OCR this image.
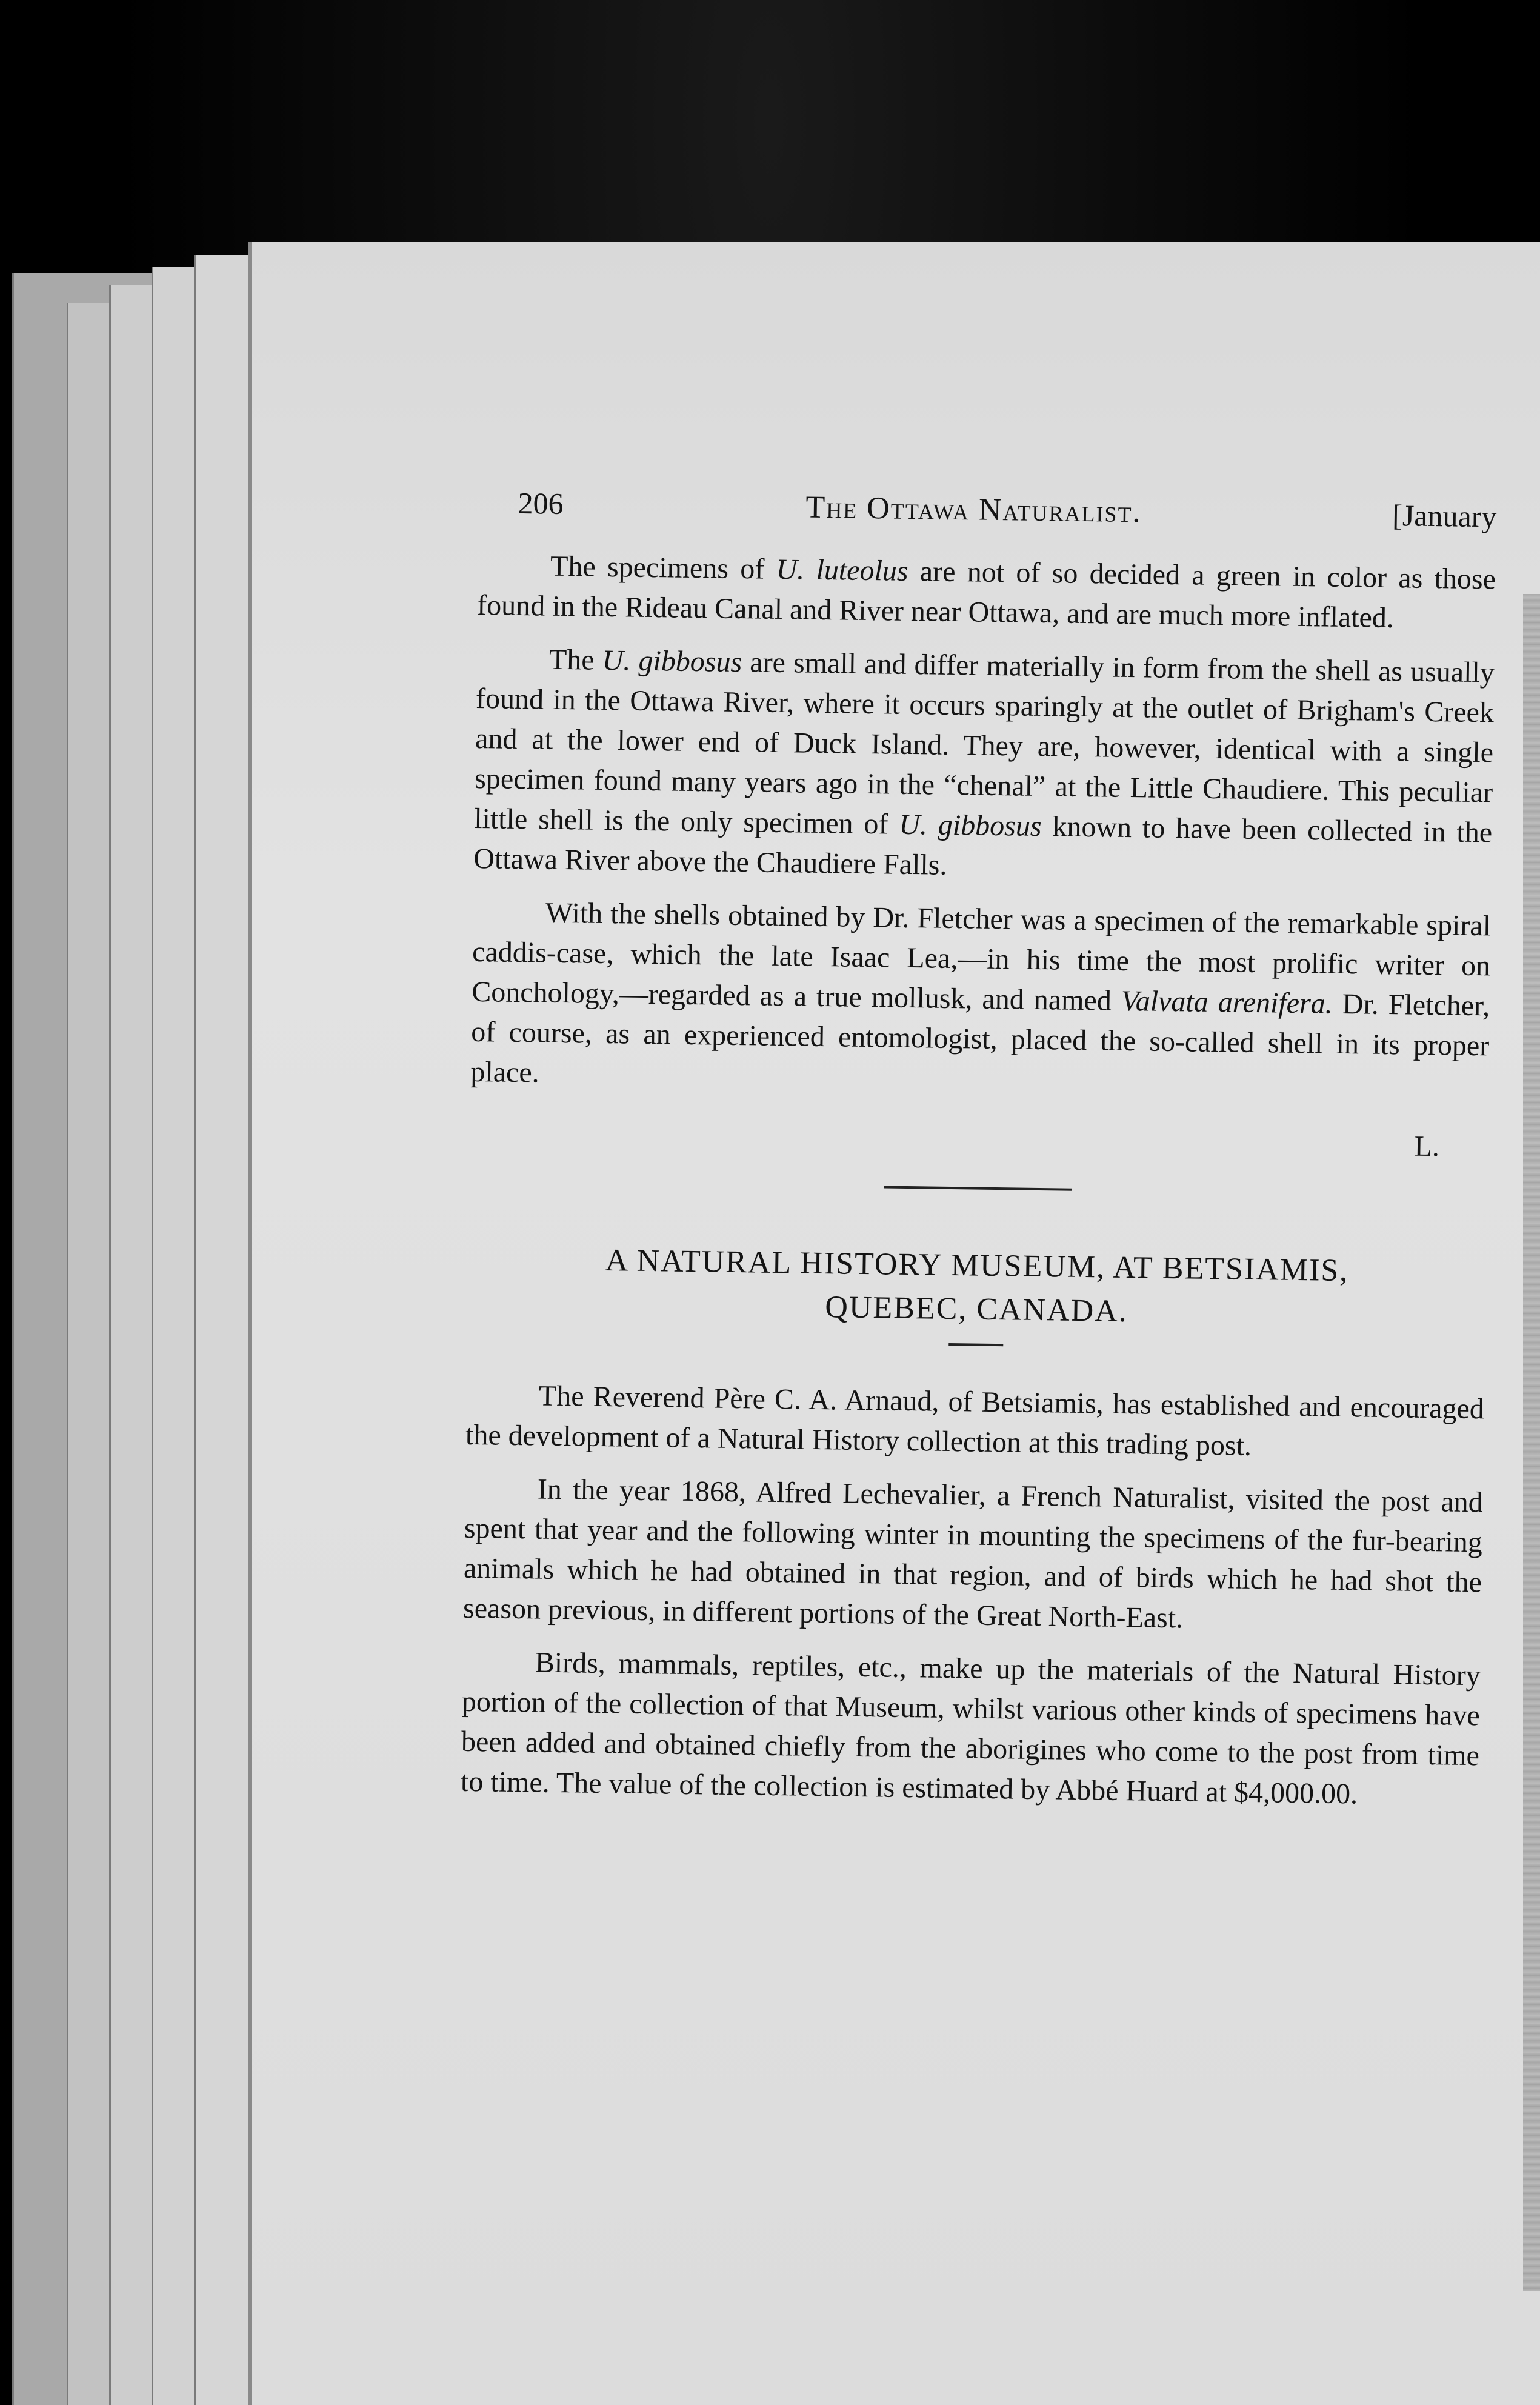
206	The Ottawa Naturalist.	[January

The specimens of U. luteolus are not of so decided a green in color as those found in the Rideau Canal and River near Ottawa, and are much more inflated.

The U. gibbosus are small and differ materially in form from the shell as usually found in the Ottawa River, where it occurs sparingly at the outlet of Brigham's Creek and at the lower end of Duck Island. They are, however, identical with a single specimen found many years ago in the “chenal” at the Little Chaudiere. This peculiar little shell is the only specimen of U. gibbosus known to have been collected in the Ottawa River above the Chaudiere Falls.

With the shells obtained by Dr. Fletcher was a specimen of the remarkable spiral caddis-case, which the late Isaac Lea,—in his time the most prolific writer on Conchology,—regarded as a true mollusk, and named Valvata arenifera. Dr. Fletcher, of course, as an experienced entomologist, placed the so-called shell in its proper place.

L.
A NATURAL HISTORY MUSEUM, AT BETSIAMIS,
QUEBEC, CANADA.

The Reverend Père C. A. Arnaud, of Betsiamis, has established and encouraged the development of a Natural History collection at this trading post.

In the year 1868, Alfred Lechevalier, a French Naturalist, visited the post and spent that year and the following winter in mounting the specimens of the fur-bearing animals which he had obtained in that region, and of birds which he had shot the season previous, in different portions of the Great North-East.

Birds, mammals, reptiles, etc., make up the materials of the Natural History portion of the collection of that Museum, whilst various other kinds of specimens have been added and obtained chiefly from the aborigines who come to the post from time to time. The value of the collection is estimated by Abbé Huard at $4,000.00.
